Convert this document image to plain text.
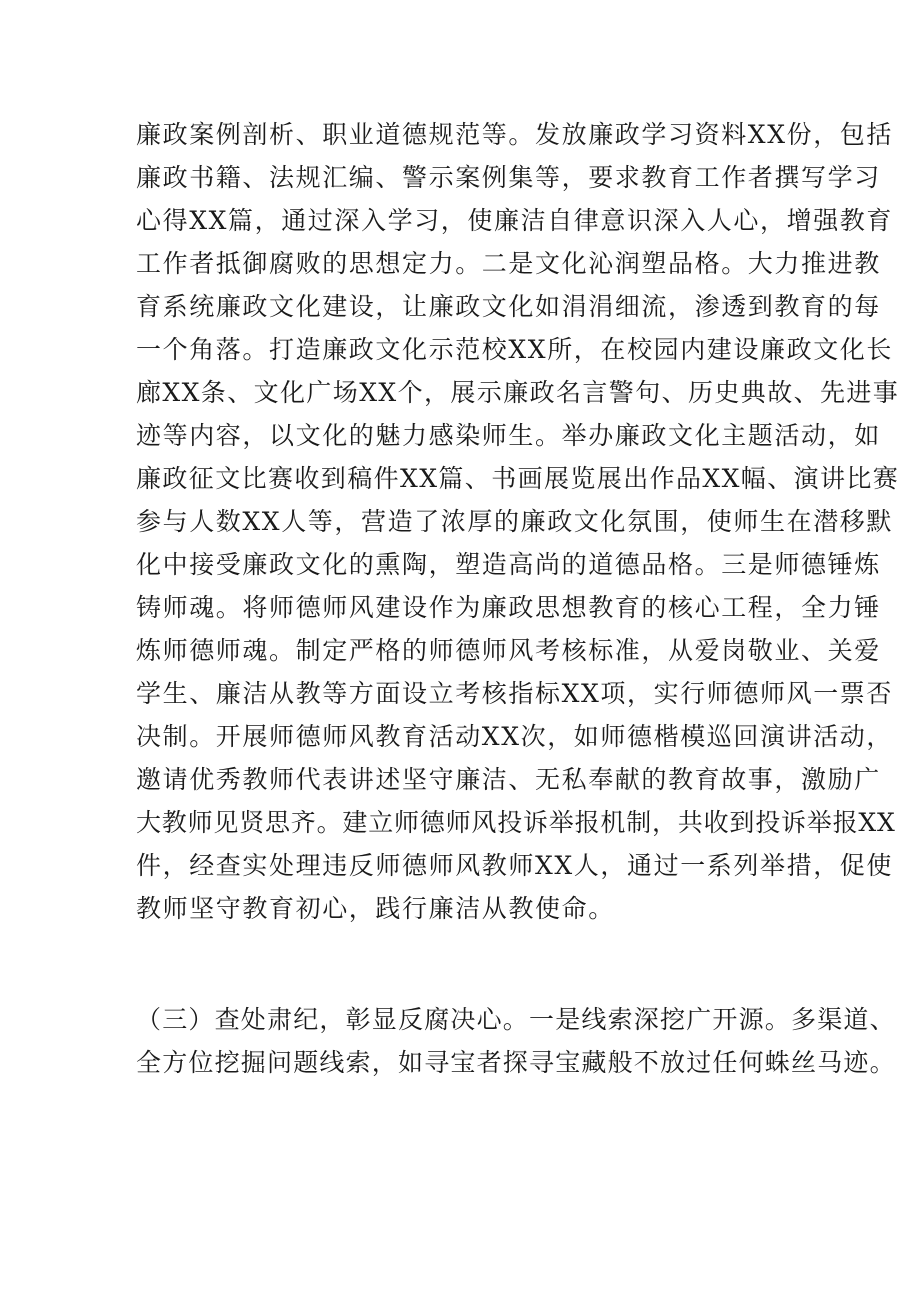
廉政案例剖析、职业道德规范等。发放廉政学习资料XX份，包括
廉政书籍、法规汇编、警示案例集等，要求教育工作者撰写学习
心得XX篇，通过深入学习，使廉洁自律意识深入人心，增强教育
工作者抵御腐败的思想定力。二是文化沁润塑品格。大力推进教
育系统廉政文化建设，让廉政文化如涓涓细流，渗透到教育的每
一个角落。打造廉政文化示范校XX所，在校园内建设廉政文化长
廊XX条、文化广场XX个，展示廉政名言警句、历史典故、先进事
迹等内容，以文化的魅力感染师生。举办廉政文化主题活动，如
廉政征文比赛收到稿件XX篇、书画展览展出作品XX幅、演讲比赛
参与人数XX人等，营造了浓厚的廉政文化氛围，使师生在潜移默
化中接受廉政文化的熏陶，塑造高尚的道德品格。三是师德锤炼
铸师魂。将师德师风建设作为廉政思想教育的核心工程，全力锤
炼师德师魂。制定严格的师德师风考核标准，从爱岗敬业、关爱
学生、廉洁从教等方面设立考核指标XX项，实行师德师风一票否
决制。开展师德师风教育活动XX次，如师德楷模巡回演讲活动，
邀请优秀教师代表讲述坚守廉洁、无私奉献的教育故事，激励广
大教师见贤思齐。建立师德师风投诉举报机制，共收到投诉举报XX
件，经查实处理违反师德师风教师XX人，通过一系列举措，促使
教师坚守教育初心，践行廉洁从教使命。
（三）查处肃纪，彰显反腐决心。一是线索深挖广开源。多渠道、
全方位挖掘问题线索，如寻宝者探寻宝藏般不放过任何蛛丝马迹。
